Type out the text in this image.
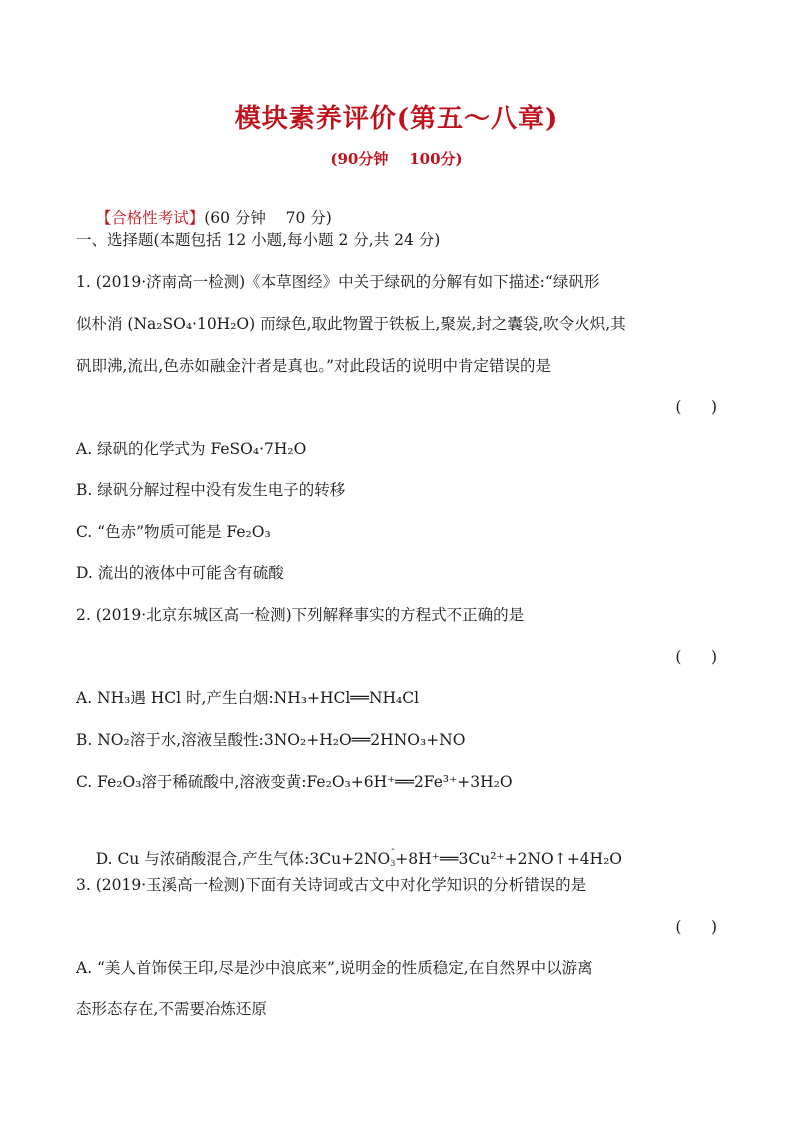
模块素养评价(第五～八章)
(90分钟    100分)

【合格性考试】(60 分钟    70 分)

一、选择题(本题包括 12 小题,每小题 2 分,共 24 分)
1. (2019·济南高一检测)《本草图经》中关于绿矾的分解有如下描述:“绿矾形
似朴消 (Na₂SO₄·10H₂O) 而绿色,取此物置于铁板上,聚炭,封之囊袋,吹令火炽,其
矾即沸,流出,色赤如融金汁者是真也。”对此段话的说明中肯定错误的是
(      )
A. 绿矾的化学式为 FeSO₄·7H₂O
B. 绿矾分解过程中没有发生电子的转移
C. “色赤”物质可能是 Fe₂O₃
D. 流出的液体中可能含有硫酸
2. (2019·北京东城区高一检测)下列解释事实的方程式不正确的是
(      )
A. NH₃遇 HCl 时,产生白烟:NH₃+HCl══NH₄Cl
B. NO₂溶于水,溶液呈酸性:3NO₂+H₂O══2HNO₃+NO
C. Fe₂O₃溶于稀硫酸中,溶液变黄:Fe₂O₃+6H⁺══2Fe³⁺+3H₂O

D. Cu 与浓硝酸混合,产生气体:3Cu+2NO
-
$_3$+8H⁺══3Cu²⁺+2NO↑+4H₂O

3. (2019·玉溪高一检测)下面有关诗词或古文中对化学知识的分析错误的是
(      )
A. “美人首饰侯王印,尽是沙中浪底来”,说明金的性质稳定,在自然界中以游离
态形态存在,不需要冶炼还原
